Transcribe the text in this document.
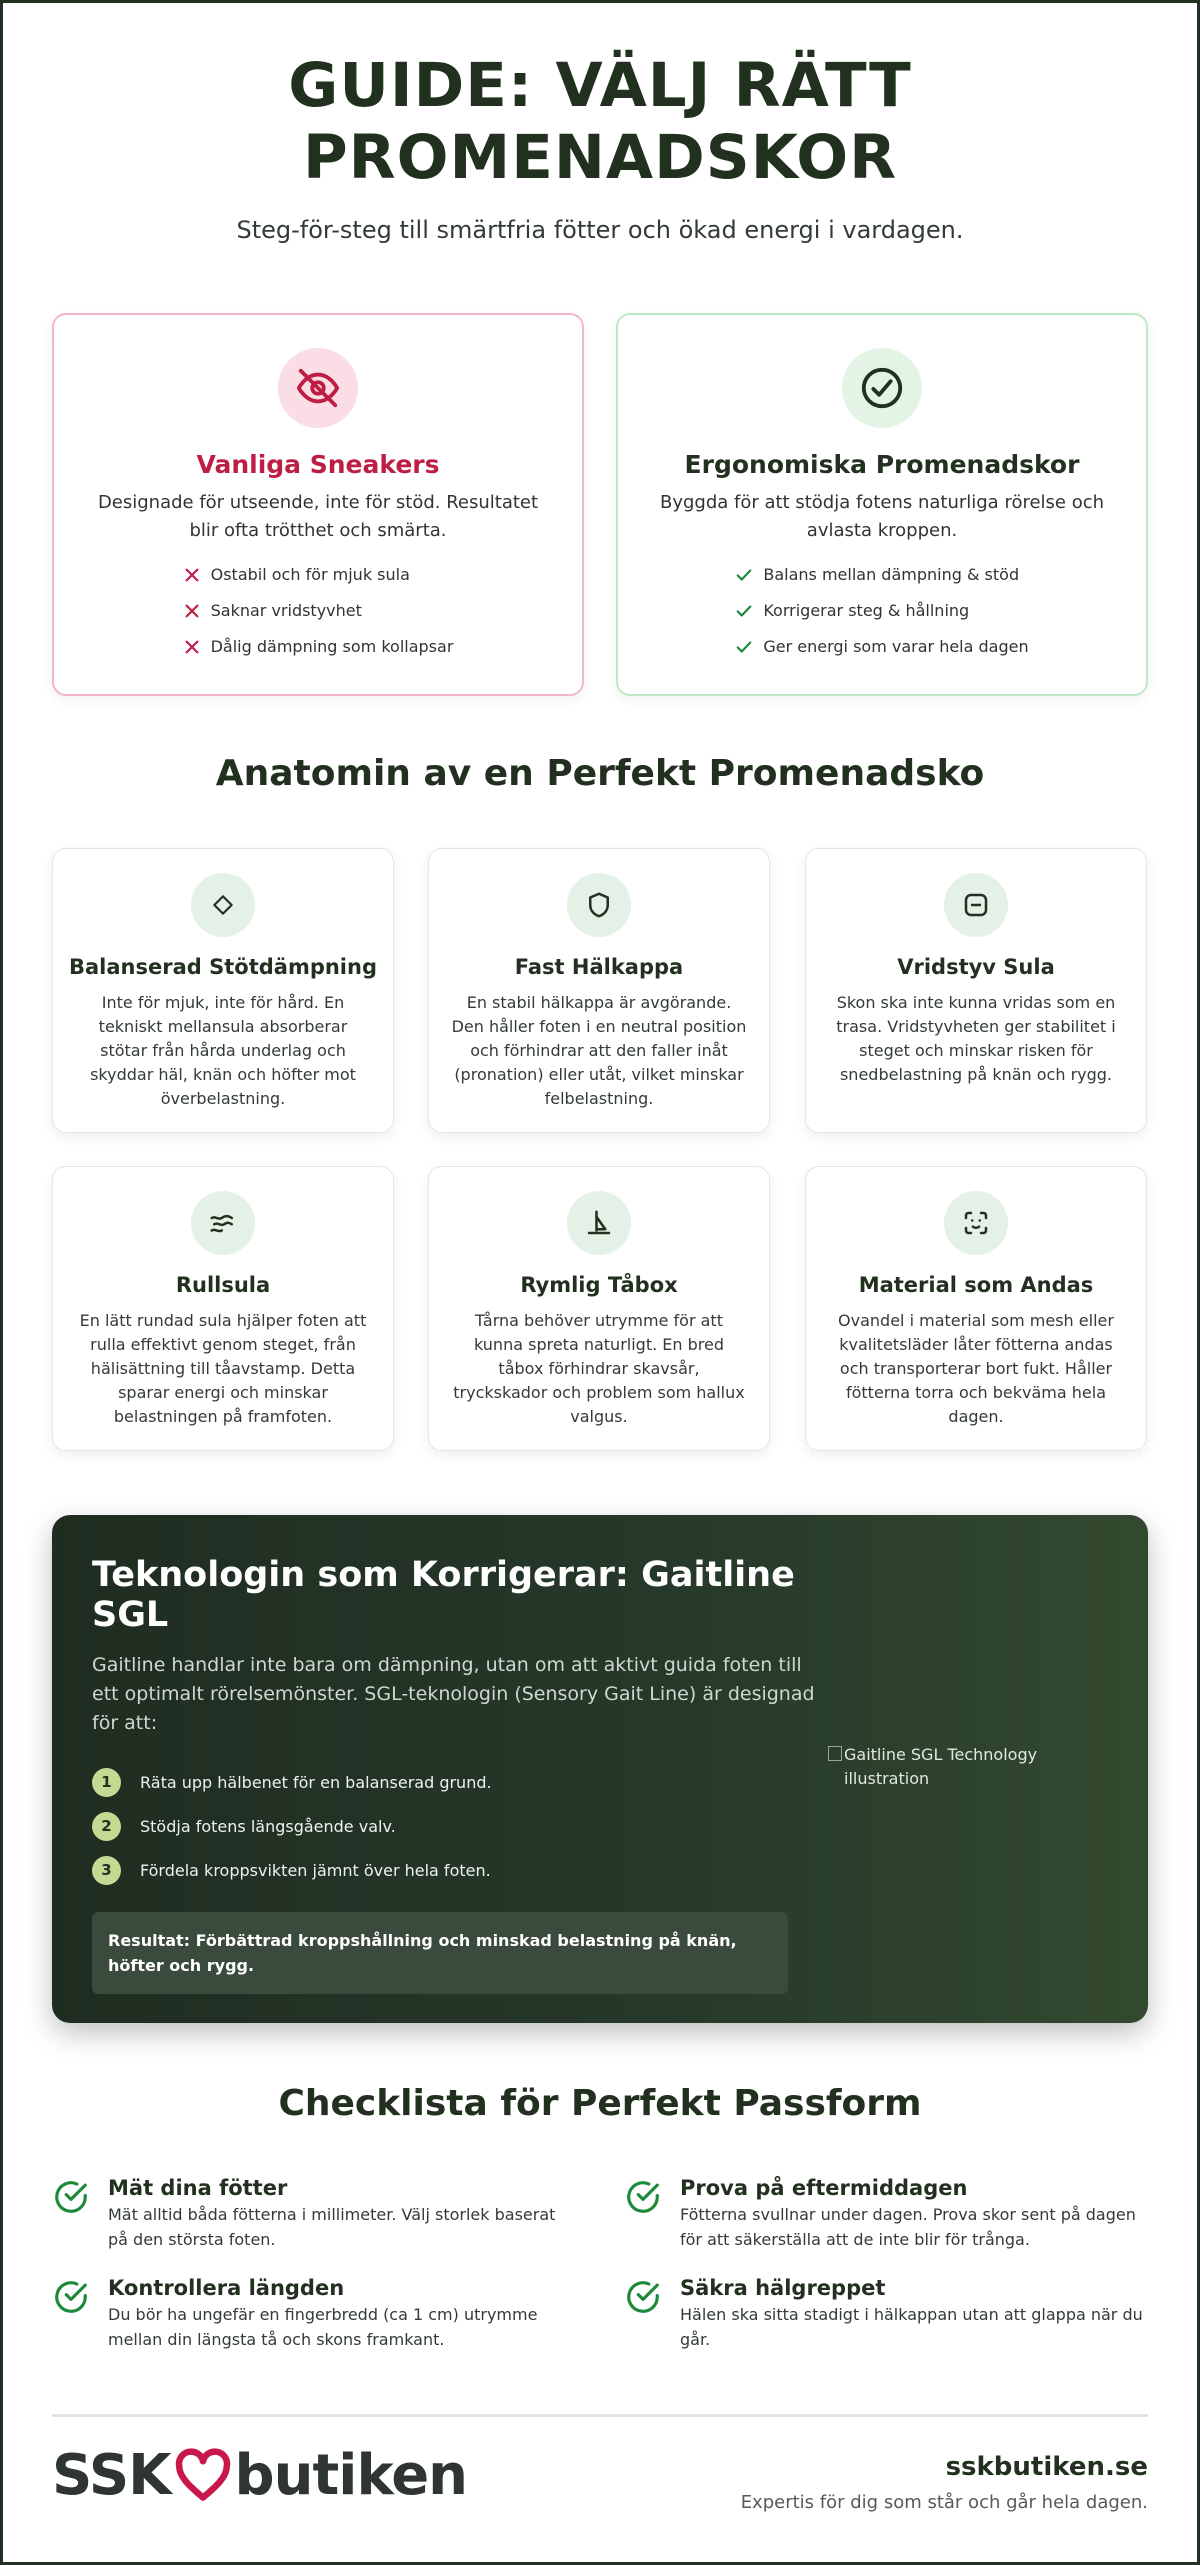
GUIDE: VÄLJ RÄTT PROMENADSKOR

Steg-för-steg till smärtfria fötter och ökad energi i vardagen.

Vanliga Sneakers

Designade för utseende, inte för stöd. Resultatet blir ofta trötthet och smärta.

Ostabil och för mjuk sula
Saknar vridstyvhet
Dålig dämpning som kollapsar
Ergonomiska Promenadskor

Byggda för att stödja fotens naturliga rörelse och avlasta kroppen.

Balans mellan dämpning & stöd
Korrigerar steg & hållning
Ger energi som varar hela dagen
Anatomin av en Perfekt Promenadsko
Balanserad Stötdämpning

Inte för mjuk, inte för hård. En tekniskt mellansula absorberar stötar från hårda underlag och skyddar häl, knän och höfter mot överbelastning.

Fast Hälkappa

En stabil hälkappa är avgörande. Den håller foten i en neutral position och förhindrar att den faller inåt (pronation) eller utåt, vilket minskar felbelastning.

Vridstyv Sula

Skon ska inte kunna vridas som en trasa. Vridstyvheten ger stabilitet i steget och minskar risken för snedbelastning på knän och rygg.

Rullsula

En lätt rundad sula hjälper foten att rulla effektivt genom steget, från hälisättning till tåavstamp. Detta sparar energi och minskar belastningen på framfoten.

Rymlig Tåbox

Tårna behöver utrymme för att kunna spreta naturligt. En bred tåbox förhindrar skavsår, tryckskador och problem som hallux valgus.

Material som Andas

Ovandel i material som mesh eller kvalitetsläder låter fötterna andas och transporterar bort fukt. Håller fötterna torra och bekväma hela dagen.

Teknologin som Korrigerar: Gaitline SGL

Gaitline handlar inte bara om dämpning, utan om att aktivt guida foten till ett optimalt rörelsemönster. SGL-teknologin (Sensory Gait Line) är designad för att:

1	Räta upp hälbenet för en balanserad grund.
2	Stödja fotens längsgående valv.
3	Fördela kroppsvikten jämnt över hela foten.
Resultat: Förbättrad kroppshållning och minskad belastning på knän, höfter och rygg.
Gaitline SGL Technology illustration
Checklista för Perfekt Passform
Mät dina fötter

Mät alltid båda fötterna i millimeter. Välj storlek baserat på den största foten.

Prova på eftermiddagen

Fötterna svullnar under dagen. Prova skor sent på dagen för att säkerställa att de inte blir för trånga.

Kontrollera längden

Du bör ha ungefär en fingerbredd (ca 1 cm) utrymme mellan din längsta tå och skons framkant.

Säkra hälgreppet

Hälen ska sitta stadigt i hälkappan utan att glappa när du går.

SSK butiken	sskbutiken.se
Expertis för dig som står och går hela dagen.
